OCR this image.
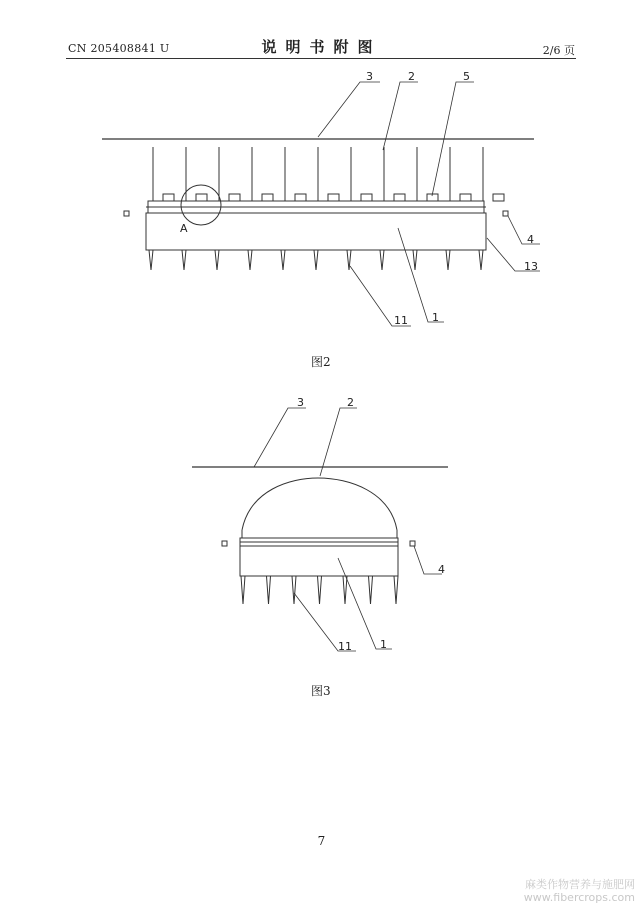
CN 205408841 U	说明书附图	2/6 页
3	2	5
4
13
11 1
A
3	2
4
11	1
图2
图3
7
麻类作物营养与施肥网
www.fibercrops.com
